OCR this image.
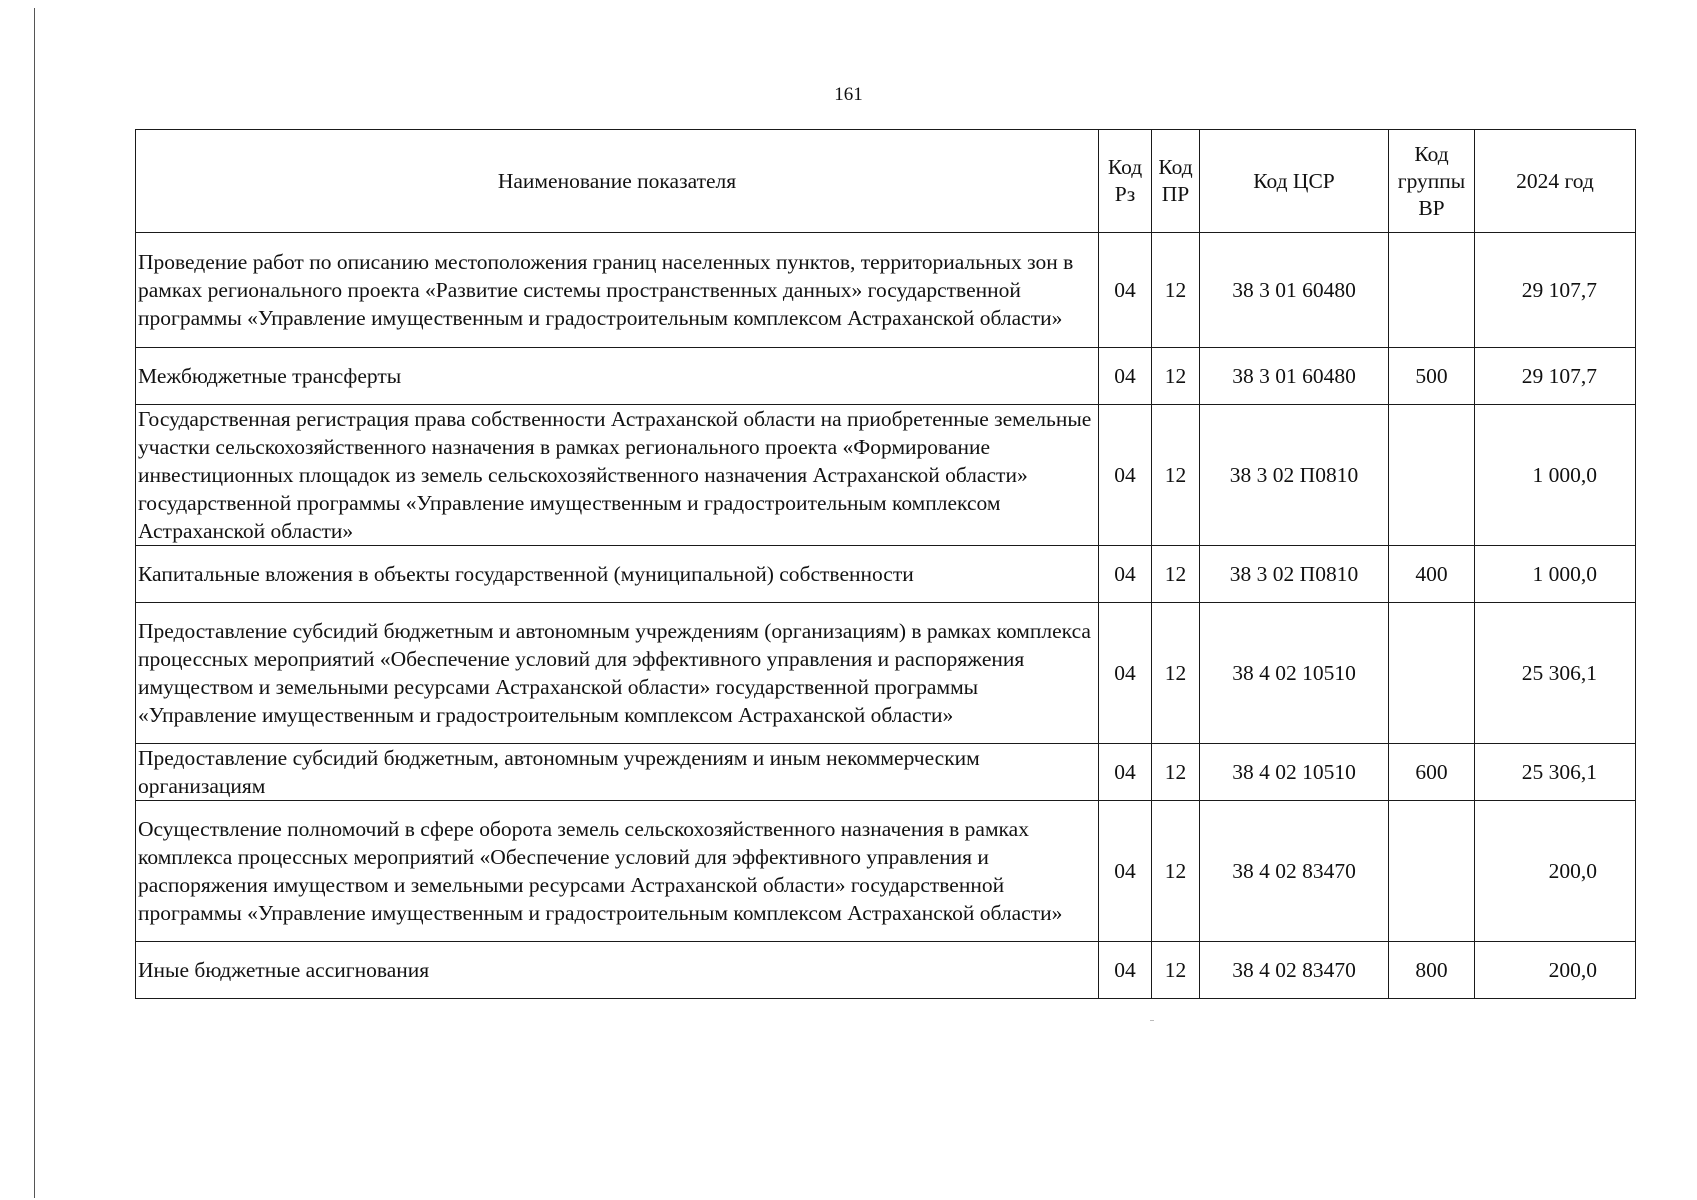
161
Наименование показателя	Код Рз	Код ПР	Код ЦСР	Код группы ВР	2024 год
Проведение работ по описанию местоположения границ населенных пунктов, территориальных зон в рамках регионального проекта «Развитие системы пространственных данных» государственной программы «Управление имущественным и градостроительным комплексом Астраханской области»	04	12	38 3 01 60480		29 107,7
Межбюджетные трансферты	04	12	38 3 01 60480	500	29 107,7
Государственная регистрация права собственности Астраханской области на приобретенные земельные участки сельскохозяйственного назначения в рамках регионального проекта «Формирование инвестиционных площадок из земель сельскохозяйственного назначения Астраханской области» государственной программы «Управление имущественным и градостроительным комплексом Астраханской области»	04	12	38 3 02 П0810		1 000,0
Капитальные вложения в объекты государственной (муниципальной) собственности	04	12	38 3 02 П0810	400	1 000,0
Предоставление субсидий бюджетным и автономным учреждениям (организациям) в рамках комплекса процессных мероприятий «Обеспечение условий для эффективного управления и распоряжения имуществом и земельными ресурсами Астраханской области» государственной программы «Управление имущественным и градостроительным комплексом Астраханской области»	04	12	38 4 02 10510		25 306,1
Предоставление субсидий бюджетным, автономным учреждениям и иным некоммерческим организациям	04	12	38 4 02 10510	600	25 306,1
Осуществление полномочий в сфере оборота земель сельскохозяйственного назначения в рамках комплекса процессных мероприятий «Обеспечение условий для эффективного управления и распоряжения имуществом и земельными ресурсами Астраханской области» государственной программы «Управление имущественным и градостроительным комплексом Астраханской области»	04	12	38 4 02 83470		200,0
Иные бюджетные ассигнования	04	12	38 4 02 83470	800	200,0
